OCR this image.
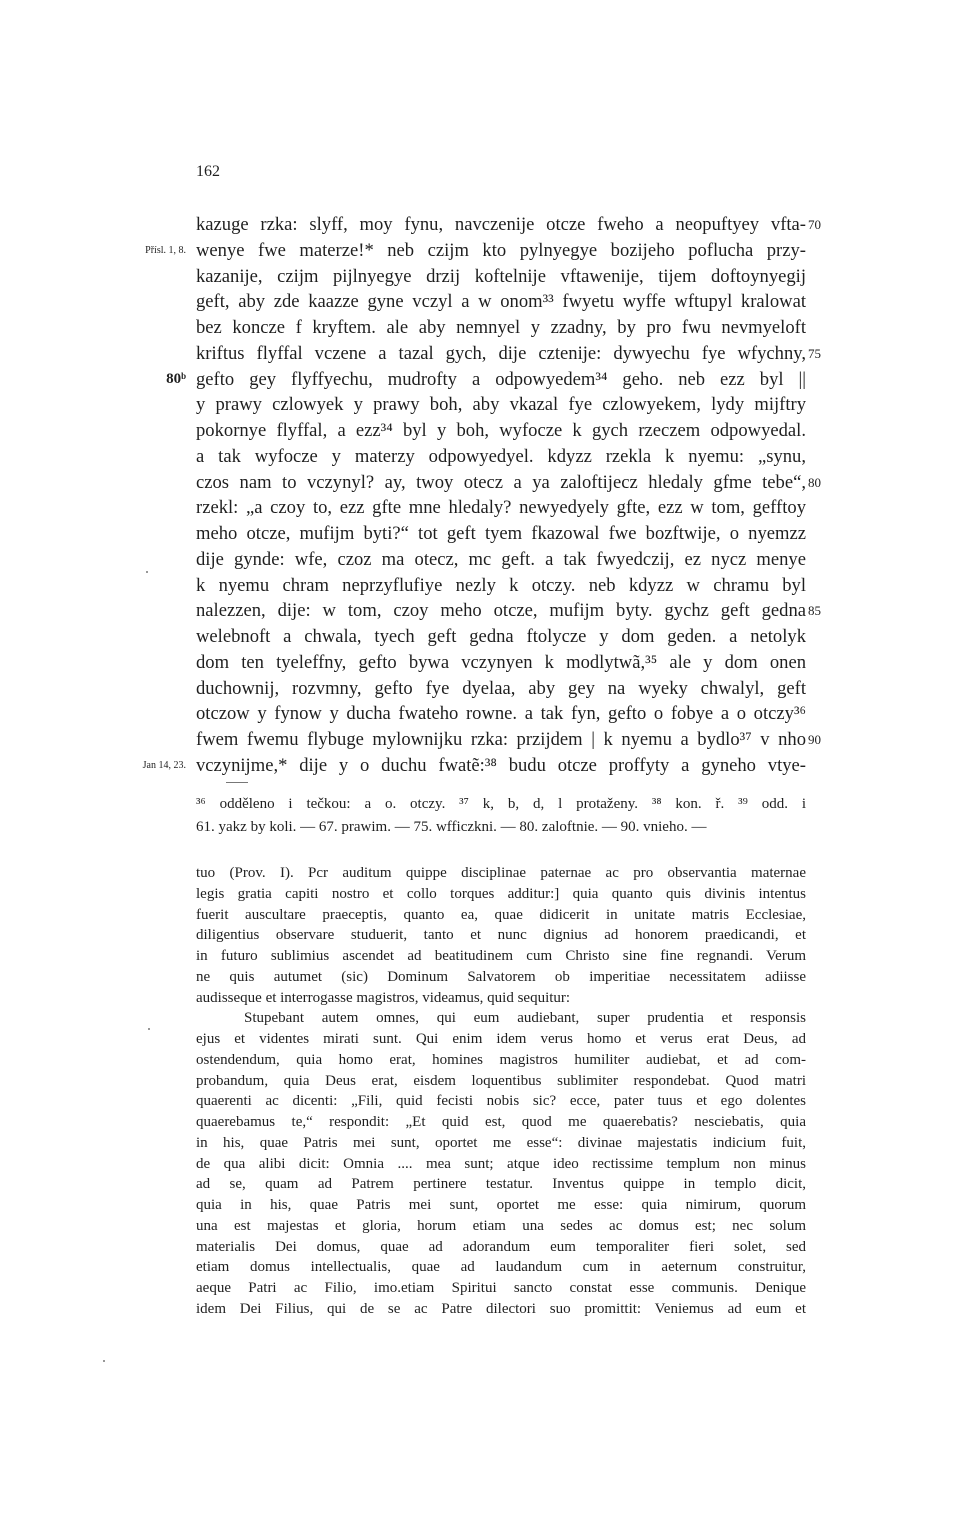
162
kazuge rzka: slyff, moy fynu, navczenije otcze fweho a neopuftyey vfta- 70
wenye fwe materze!* neb czijm kto pylnyegye bozijeho poflucha przy-
Přísl. 1, 8.
kazanije, czijm pijlnyegye drzij koftelnije vftawenije, tijem doftoynyegij
geft, aby zde kaazze gyne vczyl a w onom³³ fwyetu wyffe wftupyl kralowat
bez koncze f kryftem. ale aby nemnyel y zzadny, by pro fwu nevmyeloft
kriftus flyffal vczene a tazal gych, dije cztenije: dywyechu fye wfychny, 75
gefto gey flyffyechu, mudrofty a odpowyedem³⁴ geho. neb ezz byl ||
80ᵇ
y prawy czlowyek y prawy boh, aby vkazal fye czlowyekem, lydy mijftry
pokornye flyffal, a ezz³⁴ byl y boh, wyfocze k gych rzeczem odpowyedal.
a tak wyfocze y materzy odpowyedyel. kdyzz rzekla k nyemu: „synu,
czos nam to vczynyl? ay, twoy otecz a ya zaloftijecz hledaly gfme tebe“, 80
rzekl: „a czoy to, ezz gfte mne hledaly? newyedyely gfte, ezz w tom, gefftoy
meho otcze, mufijm byti?“ tot geft tyem fkazowal fwe bozftwije, o nyemzz
dije gynde: wfe, czoz ma otecz, mc geft. a tak fwyedczij, ez nycz menye
k nyemu chram neprzyflufiye nezly k otczy. neb kdyzz w chramu byl
nalezzen, dije: w tom, czoy meho otcze, mufijm byty. gychz geft gedna 85
welebnoft a chwala, tyech geft gedna ftolycze y dom geden. a netolyk
dom ten tyeleffny, gefto bywa vczynyen k modlytwã,³⁵ ale y dom onen
duchownij, rozvmny, gefto fye dyelaa, aby gey na wyeky chwalyl, geft
otczow y fynow y ducha fwateho rowne. a tak fyn, gefto o fobye a o otczy³⁶
fwem fwemu flybuge mylownijku rzka: przijdem | k nyemu a bydlo³⁷ v nho 90
vczynijme,* dije y o duchu fwatẽ:³⁸ budu otcze proffyty a gyneho vtye-
Jan 14, 23.
³⁶ odděleno i tečkou: a o. otczy. ³⁷ k, b, d, l protaženy. ³⁸ kon. ř. ³⁹ odd. i
61. yakz by koli. — 67. prawim. — 75. wfficzkni. — 80. zaloftnie. — 90. vnieho. —
tuo (Prov. I). Pcr auditum quippe disciplinae paternae ac pro observantia maternae
legis gratia capiti nostro et collo torques additur:] quia quanto quis divinis intentus
fuerit auscultare praeceptis, quanto ea, quae didicerit in unitate matris Ecclesiae,
diligentius observare studuerit, tanto et nunc dignius ad honorem praedicandi, et
in futuro sublimius ascendet ad beatitudinem cum Christo sine fine regnandi. Verum
ne quis autumet (sic) Dominum Salvatorem ob imperitiae necessitatem adiisse
audisseque et interrogasse magistros, videamus, quid sequitur:
Stupebant autem omnes, qui eum audiebant, super prudentia et responsis
ejus et videntes mirati sunt. Qui enim idem verus homo et verus erat Deus, ad
ostendendum, quia homo erat, homines magistros humiliter audiebat, et ad com-
probandum, quia Deus erat, eisdem loquentibus sublimiter respondebat. Quod matri
quaerenti ac dicenti: „Fili, quid fecisti nobis sic? ecce, pater tuus et ego dolentes
quaerebamus te,“ respondit: „Et quid est, quod me quaerebatis? nesciebatis, quia
in his, quae Patris mei sunt, oportet me esse“: divinae majestatis indicium fuit,
de qua alibi dicit: Omnia .... mea sunt; atque ideo rectissime templum non minus
ad se, quam ad Patrem pertinere testatur. Inventus quippe in templo dicit,
quia in his, quae Patris mei sunt, oportet me esse: quia nimirum, quorum
una est majestas et gloria, horum etiam una sedes ac domus est; nec solum
materialis Dei domus, quae ad adorandum eum temporaliter fieri solet, sed
etiam domus intellectualis, quae ad laudandum cum in aeternum construitur,
aeque Patri ac Filio, imo.etiam Spiritui sancto constat esse communis. Denique
idem Dei Filius, qui de se ac Patre dilectori suo promittit: Veniemus ad eum et
